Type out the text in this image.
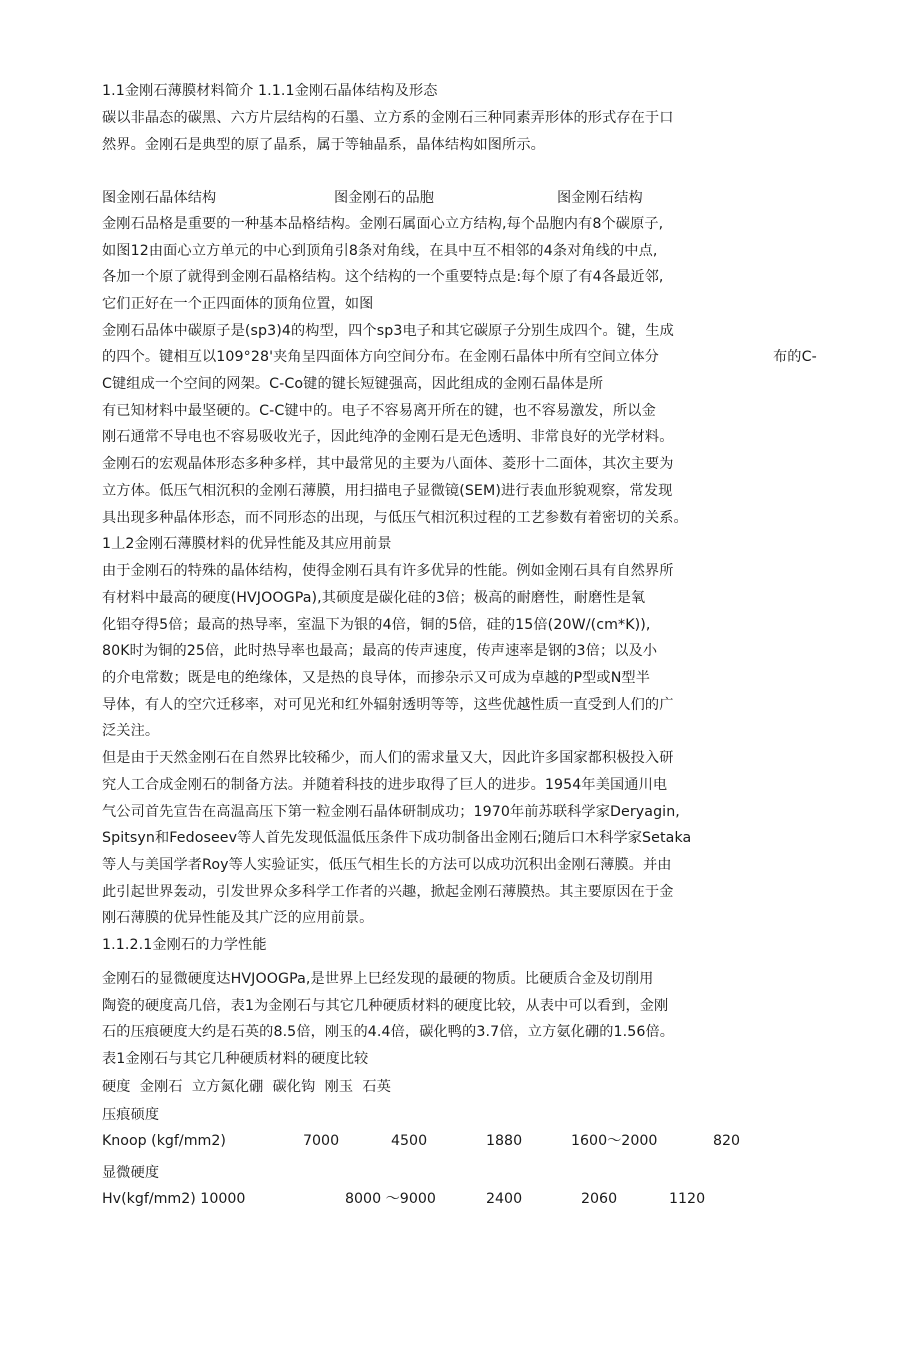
1.1金刚石薄膜材料简介 1.1.1金刚石晶体结构及形态
碳以非晶态的碳黑、六方片层结构的石墨、立方系的金刚石三种同素弄形体的形式存在于口
然界。金刚石是典型的原了晶系，属于等轴晶系，晶体结构如图所示。
图金刚石晶体结构	图金刚石的品胞	图金刚石结构
金刚石品格是重要的一种基本品格结构。金刚石属面心立方结构,每个品胞内有8个碳原子,
如图12由面心立方单元的中心到顶角引8条对角线，在具中互不相邻的4条对角线的中点,
各加一个原了就得到金刚石晶格结构。这个结构的一个重要特点是:每个原了有4各最近邻,
它们正好在一个正四面体的顶角位置，如图
金刚石品体中碳原子是(sp3)4的构型，四个sp3电子和其它碳原子分别生成四个。键，生成
的四个。键相互以109°28'夹角呈四面体方向空间分布。在金刚石晶体中所有空间立体分	布的C-
C键组成一个空间的网架。C-Co键的键长短键强高，因此组成的金刚石晶体是所
有已知材料中最坚硬的。C-C键中的。电子不容易离开所在的键，也不容易激发，所以金
刚石通常不导电也不容易吸收光子，因此纯净的金刚石是无色透明、非常良好的光学材料。
金刚石的宏观晶体形态多种多样，其中最常见的主要为八面体、菱形十二面体，其次主要为
立方体。低压气相沉积的金刚石薄膜，用扫描电子显微镜(SEM)进行表血形貌观察，常发现
具出现多种晶体形态，而不同形态的出现，与低压气相沉积过程的工艺参数有着密切的关系。
1丄2金刚石薄膜材料的优异性能及其应用前景
由于金刚石的特殊的晶体结构，使得金刚石具有许多优异的性能。例如金刚石具有自然界所
有材料中最高的硬度(HVJOOGPa),其硕度是碳化硅的3倍；极高的耐磨性，耐磨性是氧
化铝夺得5倍；最高的热导率，室温下为银的4倍，铜的5倍，硅的15倍(20W/(cm*K)),
80K时为铜的25倍，此时热导率也最高；最高的传声速度，传声速率是钢的3倍；以及小
的介电常数；既是电的绝缘体，又是热的良导体，而掺杂示又可成为卓越的P型或N型半
导体，有人的空穴迁移率，对可见光和红外辐射透明等等，这些优越性质一直受到人们的广
泛关注。
但是由于天然金刚石在自然界比较稀少，而人们的需求量又大，因此许多国家都积极投入研
究人工合成金刚石的制备方法。并随着科技的进步取得了巨人的进步。1954年美国通川电
气公司首先宣告在高温高压下第一粒金刚石晶体研制成功；1970年前苏联科学家Deryagin,
Spitsyn和Fedoseev等人首先发现低温低压条件下成功制备出金刚石;随后口木科学家Setaka
等人与美国学者Roy等人实验证实，低压气相生长的方法可以成功沉积出金刚石薄膜。并由
此引起世界轰动，引发世界众多科学工作者的兴趣，掀起金刚石薄膜热。其主要原因在于金
刚石薄膜的优异性能及其广泛的应用前景。
1.1.2.1金刚石的力学性能
金刚石的显微硬度达HVJOOGPa,是世界上巳经发现的最硬的物质。比硬质合金及切削用
陶瓷的硬度高几倍，表1为金刚石与其它几种硬质材料的硬度比较，从表中可以看到，金刚
石的压痕硬度大约是石英的8.5倍，刚玉的4.4倍，碳化鸭的3.7倍，立方氨化硼的1.56倍。
表1金刚石与其它几种硬质材料的硬度比较
硬度  金刚石  立方氮化硼  碳化钩  刚玉  石英
压痕硕度
Knoop (kgf/mm2)	7000	4500	1880	1600～2000	820
显微硬度
Hv(kgf/mm2) 10000	8000 ～9000	2400	2060	1120
